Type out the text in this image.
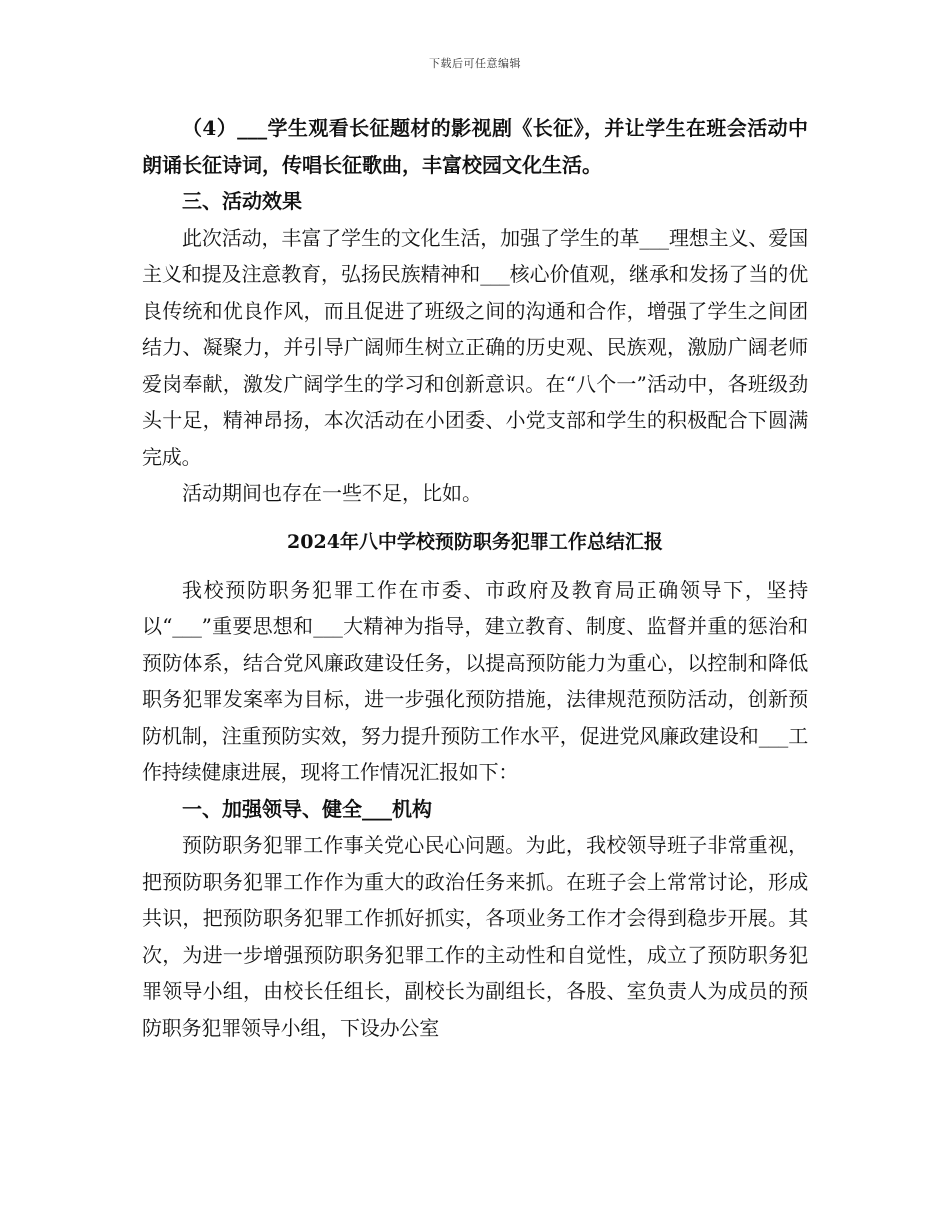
下载后可任意编辑

（4）___学生观看长征题材的影视剧《长征》，并让学生在班会活动中朗诵长征诗词，传唱长征歌曲，丰富校园文化生活。

三、活动效果

此次活动，丰富了学生的文化生活，加强了学生的革___理想主义、爱国主义和提及注意教育，弘扬民族精神和___核心价值观，继承和发扬了当的优良传统和优良作风，而且促进了班级之间的沟通和合作，增强了学生之间团结力、凝聚力，并引导广阔师生树立正确的历史观、民族观，激励广阔老师爱岗奉献，激发广阔学生的学习和创新意识。在“八个一”活动中，各班级劲头十足，精神昂扬，本次活动在小团委、小党支部和学生的积极配合下圆满完成。

活动期间也存在一些不足，比如。

2024年八中学校预防职务犯罪工作总结汇报

我校预防职务犯罪工作在市委、市政府及教育局正确领导下，坚持以“___”重要思想和___大精神为指导，建立教育、制度、监督并重的惩治和预防体系，结合党风廉政建设任务，以提高预防能力为重心，以控制和降低职务犯罪发案率为目标，进一步强化预防措施，法律规范预防活动，创新预防机制，注重预防实效，努力提升预防工作水平，促进党风廉政建设和___工作持续健康进展，现将工作情况汇报如下：

一、加强领导、健全___机构

预防职务犯罪工作事关党心民心问题。为此，我校领导班子非常重视，把预防职务犯罪工作作为重大的政治任务来抓。在班子会上常常讨论，形成共识，把预防职务犯罪工作抓好抓实，各项业务工作才会得到稳步开展。其次，为进一步增强预防职务犯罪工作的主动性和自觉性，成立了预防职务犯罪领导小组，由校长任组长，副校长为副组长，各股、室负责人为成员的预防职务犯罪领导小组，下设办公室
